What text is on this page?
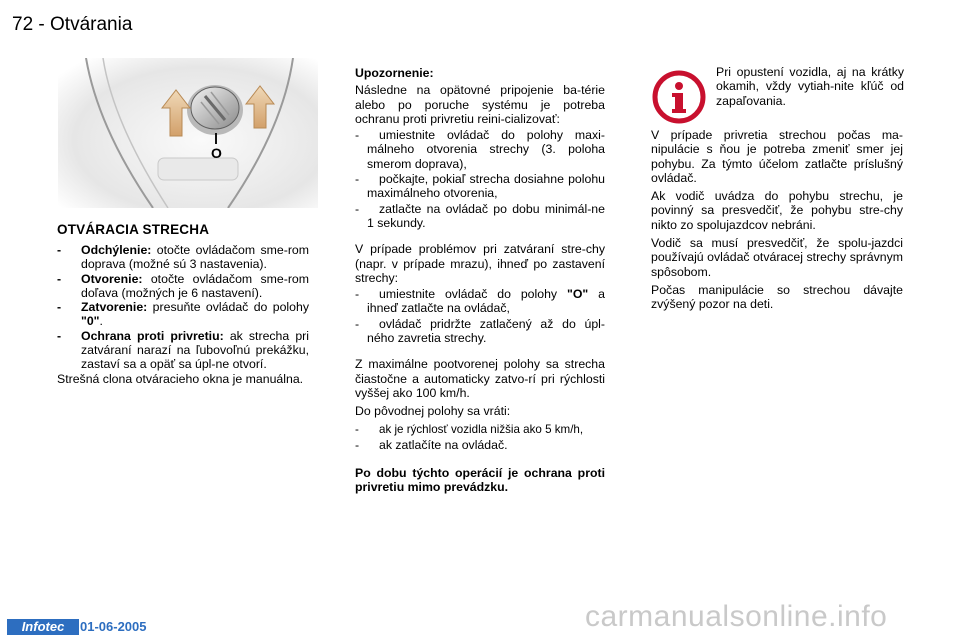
72 - Otvárania
O
OTVÁRACIA STRECHA

- Odchýlenie: otočte ovládačom sme-rom doprava (možné sú 3 nastavenia).

- Otvorenie: otočte ovládačom sme-rom doľava (možných je 6 nastavení).

- Zatvorenie: presuňte ovládač do polohy "0".

- Ochrana proti privretiu: ak strecha pri zatváraní narazí na ľubovoľnú prekážku, zastaví sa a opäť sa úpl-ne otvorí.

Strešná clona otváracieho okna je manuálna.

Upozornenie:

Následne na opätovné pripojenie ba-térie alebo po poruche systému je potreba ochranu proti privretiu reini-cializovať:

- umiestnite ovládač do polohy maxi-málneho otvorenia strechy (3. poloha smerom doprava),

- počkajte, pokiaľ strecha dosiahne polohu maximálneho otvorenia,

- zatlačte na ovládač po dobu minimál-ne 1 sekundy.

V prípade problémov pri zatváraní stre-chy (napr. v prípade mrazu), ihneď po zastavení strechy:

- umiestnite ovládač do polohy "O" a ihneď zatlačte na ovládač,

- ovládač pridržte zatlačený až do úpl-ného zavretia strechy.

Z maximálne pootvorenej polohy sa strecha čiastočne a automaticky zatvo-rí pri rýchlosti vyššej ako 100 km/h.

Do pôvodnej polohy sa vráti:

- ak je rýchlosť vozidla nižšia ako 5 km/h,

- ak zatlačíte na ovládač.

Po dobu týchto operácií je ochrana proti privretiu mimo prevádzku.

Pri opustení vozidla, aj na krátky okamih, vždy vytiah-nite kľúč od zapaľovania.

V prípade privretia strechou počas ma-nipulácie s ňou je potreba zmeniť smer jej pohybu. Za týmto účelom zatlačte príslušný ovládač.

Ak vodič uvádza do pohybu strechu, je povinný sa presvedčiť, že pohybu stre-chy nikto zo spolujazdcov nebráni.

Vodič sa musí presvedčiť, že spolu-jazdci používajú ovládač otváracej strechy správnym spôsobom.

Počas manipulácie so strechou dávajte zvýšený pozor na deti.

Infotec	01-06-2005	carmanualsonline.info
